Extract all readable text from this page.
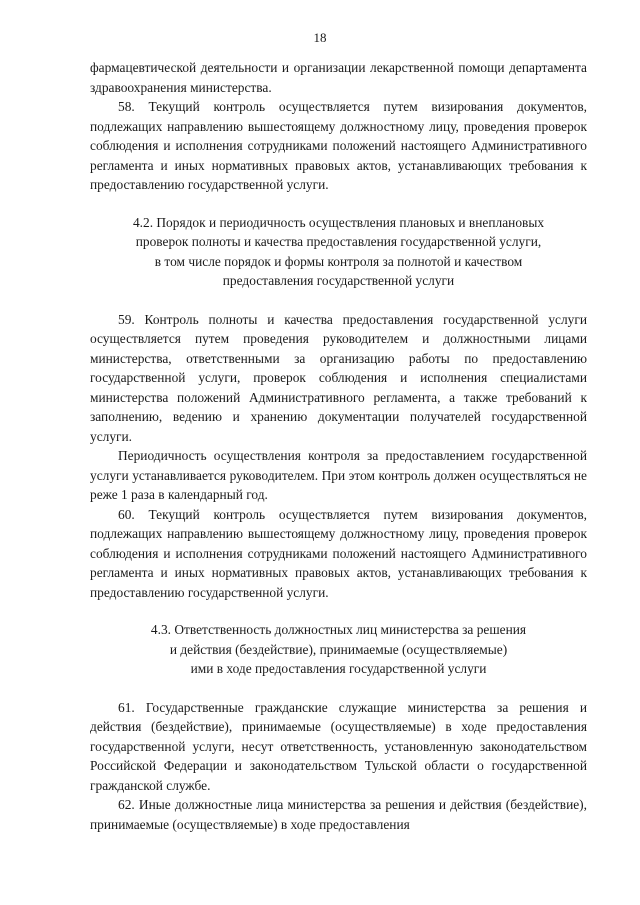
18

фармацевтической деятельности и организации лекарственной помощи департамента здравоохранения министерства.

58. Текущий контроль осуществляется путем визирования документов, подлежащих направлению вышестоящему должностному лицу, проведения проверок соблюдения и исполнения сотрудниками положений настоящего Административного регламента и иных нормативных правовых актов, устанавливающих требования к предоставлению государственной услуги.

4.2. Порядок и периодичность осуществления плановых и внеплановых

проверок полноты и качества предоставления государственной услуги,

в том числе порядок и формы контроля за полнотой и качеством

предоставления государственной услуги

59. Контроль полноты и качества предоставления государственной услуги осуществляется путем проведения руководителем и должностными лицами министерства, ответственными за организацию работы по предоставлению государственной услуги, проверок соблюдения и исполнения специалистами министерства положений Административного регламента, а также требований к заполнению, ведению и хранению документации получателей государственной услуги.

Периодичность осуществления контроля за предоставлением государственной услуги устанавливается руководителем. При этом контроль должен осуществляться не реже 1 раза в календарный год.

60. Текущий контроль осуществляется путем визирования документов, подлежащих направлению вышестоящему должностному лицу, проведения проверок соблюдения и исполнения сотрудниками положений настоящего Административного регламента и иных нормативных правовых актов, устанавливающих требования к предоставлению государственной услуги.

4.3. Ответственность должностных лиц министерства за решения

и действия (бездействие), принимаемые (осуществляемые)

ими в ходе предоставления государственной услуги

61. Государственные гражданские служащие министерства за решения и действия (бездействие), принимаемые (осуществляемые) в ходе предоставления государственной услуги, несут ответственность, установленную законодательством Российской Федерации и законодательством Тульской области о государственной гражданской службе.

62. Иные должностные лица министерства за решения и действия (бездействие), принимаемые (осуществляемые) в ходе предоставления
